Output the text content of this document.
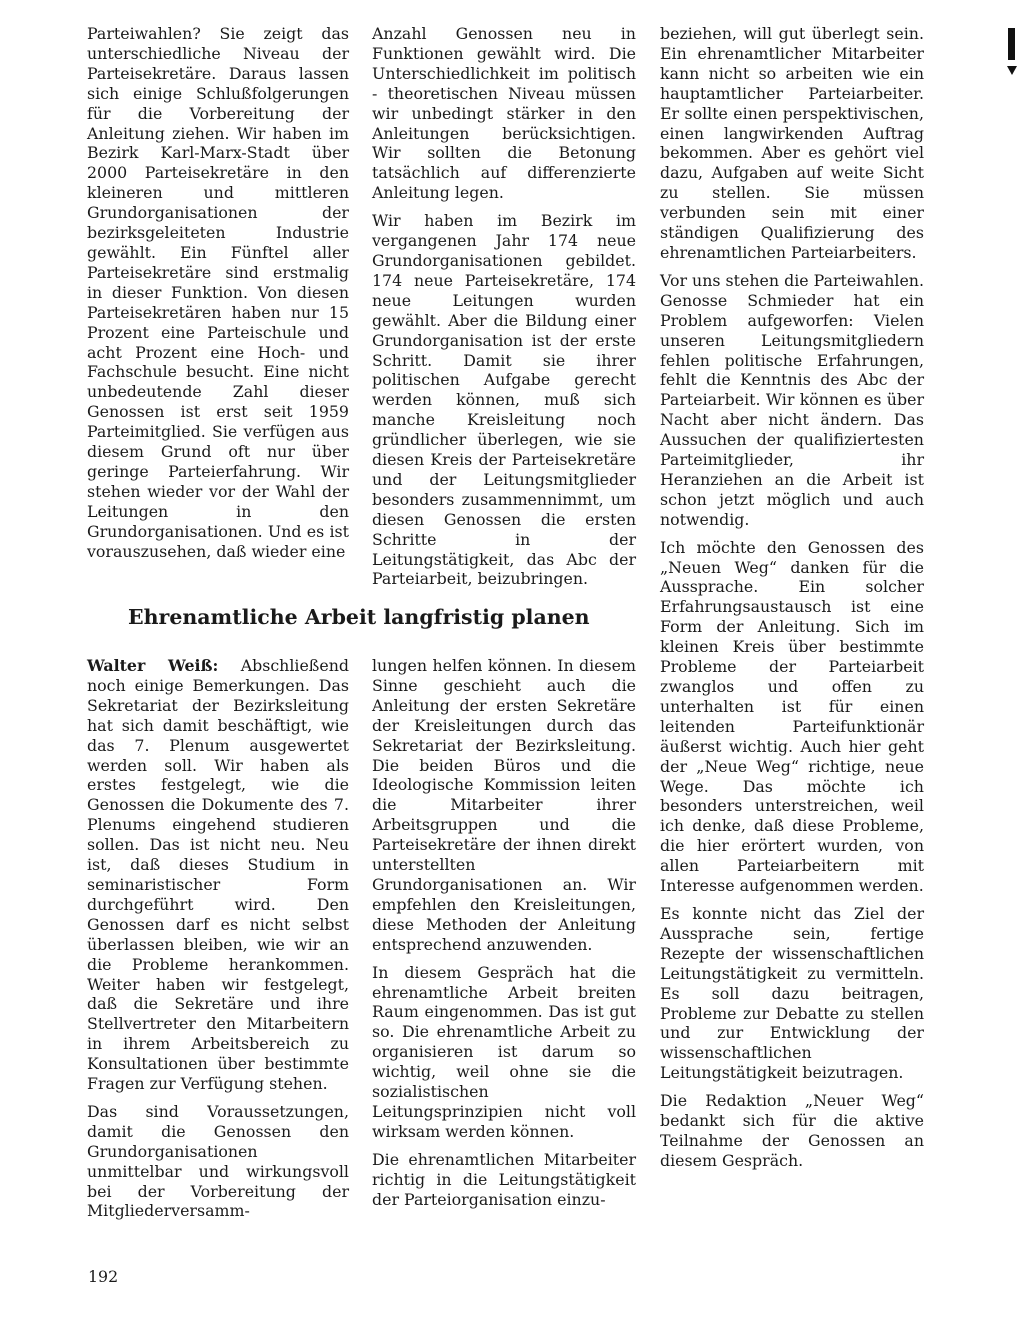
Parteiwahlen? Sie zeigt das unterschiedliche Niveau der Parteisekretäre. Daraus lassen sich einige Schlußfolgerungen für die Vorbereitung der Anleitung ziehen. Wir haben im Bezirk Karl-Marx-Stadt über 2000 Parteisekretäre in den kleineren und mittleren Grundorganisationen der bezirksgeleiteten Industrie gewählt. Ein Fünftel aller Parteisekretäre sind erstmalig in dieser Funktion. Von diesen Parteisekretären haben nur 15 Prozent eine Parteischule und acht Prozent eine Hoch- und Fachschule besucht. Eine nicht unbedeutende Zahl dieser Genossen ist erst seit 1959 Parteimitglied. Sie verfügen aus diesem Grund oft nur über geringe Parteierfahrung. Wir stehen wieder vor der Wahl der Leitungen in den Grundorganisationen. Und es ist vorauszusehen, daß wieder eine

Anzahl Genossen neu in Funktionen gewählt wird. Die Unterschiedlichkeit im politisch - theoretischen Niveau müssen wir unbedingt stärker in den Anleitungen berücksichtigen. Wir sollten die Betonung tatsächlich auf differenzierte Anleitung legen.

Wir haben im Bezirk im vergangenen Jahr 174 neue Grundorganisationen gebildet. 174 neue Parteisekretäre, 174 neue Leitungen wurden gewählt. Aber die Bildung einer Grundorganisation ist der erste Schritt. Damit sie ihrer politischen Aufgabe gerecht werden können, muß sich manche Kreisleitung noch gründlicher überlegen, wie sie diesen Kreis der Parteisekretäre und der Leitungsmitglieder besonders zusammennimmt, um diesen Genossen die ersten Schritte in der Leitungstätigkeit, das Abc der Parteiarbeit, beizubringen.

Ehrenamtliche Arbeit langfristig planen

Walter Weiß: Abschließend noch einige Bemerkungen. Das Sekretariat der Bezirksleitung hat sich damit beschäftigt, wie das 7. Plenum ausgewertet werden soll. Wir haben als erstes festgelegt, wie die Genossen die Dokumente des 7. Plenums eingehend studieren sollen. Das ist nicht neu. Neu ist, daß dieses Studium in seminaristischer Form durchgeführt wird. Den Genossen darf es nicht selbst überlassen bleiben, wie wir an die Probleme herankommen. Weiter haben wir festgelegt, daß die Sekretäre und ihre Stellvertreter den Mitarbeitern in ihrem Arbeitsbereich zu Konsultationen über bestimmte Fragen zur Verfügung stehen.

Das sind Voraussetzungen, damit die Genossen den Grundorganisationen unmittelbar und wirkungsvoll bei der Vorbereitung der Mitgliederversamm-

lungen helfen können. In diesem Sinne geschieht auch die Anleitung der ersten Sekretäre der Kreisleitungen durch das Sekretariat der Bezirksleitung. Die beiden Büros und die Ideologische Kommission leiten die Mitarbeiter ihrer Arbeitsgruppen und die Parteisekretäre der ihnen direkt unterstellten Grundorganisationen an. Wir empfehlen den Kreisleitungen, diese Methoden der Anleitung entsprechend anzuwenden.

In diesem Gespräch hat die ehrenamtliche Arbeit breiten Raum eingenommen. Das ist gut so. Die ehrenamtliche Arbeit zu organisieren ist darum so wichtig, weil ohne sie die sozialistischen Leitungsprinzipien nicht voll wirksam werden können.

Die ehrenamtlichen Mitarbeiter richtig in die Leitungstätigkeit der Parteiorganisation einzu-

beziehen, will gut überlegt sein. Ein ehrenamtlicher Mitarbeiter kann nicht so arbeiten wie ein hauptamtlicher Parteiarbeiter. Er sollte einen perspektivischen, einen langwirkenden Auftrag bekommen. Aber es gehört viel dazu, Aufgaben auf weite Sicht zu stellen. Sie müssen verbunden sein mit einer ständigen Qualifizierung des ehrenamtlichen Parteiarbeiters.

Vor uns stehen die Parteiwahlen. Genosse Schmieder hat ein Problem aufgeworfen: Vielen unseren Leitungsmitgliedern fehlen politische Erfahrungen, fehlt die Kenntnis des Abc der Parteiarbeit. Wir können es über Nacht aber nicht ändern. Das Aussuchen der qualifiziertesten Parteimitglieder, ihr Heranziehen an die Arbeit ist schon jetzt möglich und auch notwendig.

Ich möchte den Genossen des „Neuen Weg“ danken für die Aussprache. Ein solcher Erfahrungsaustausch ist eine Form der Anleitung. Sich im kleinen Kreis über bestimmte Probleme der Parteiarbeit zwanglos und offen zu unterhalten ist für einen leitenden Parteifunktionär äußerst wichtig. Auch hier geht der „Neue Weg“ richtige, neue Wege. Das möchte ich besonders unterstreichen, weil ich denke, daß diese Probleme, die hier erörtert wurden, von allen Parteiarbeitern mit Interesse aufgenommen werden.

Es konnte nicht das Ziel der Aussprache sein, fertige Rezepte der wissenschaftlichen Leitungstätigkeit zu vermitteln. Es soll dazu beitragen, Probleme zur Debatte zu stellen und zur Entwicklung der wissenschaftlichen Leitungstätigkeit beizutragen.

Die Redaktion „Neuer Weg“ bedankt sich für die aktive Teilnahme der Genossen an diesem Gespräch.

192
